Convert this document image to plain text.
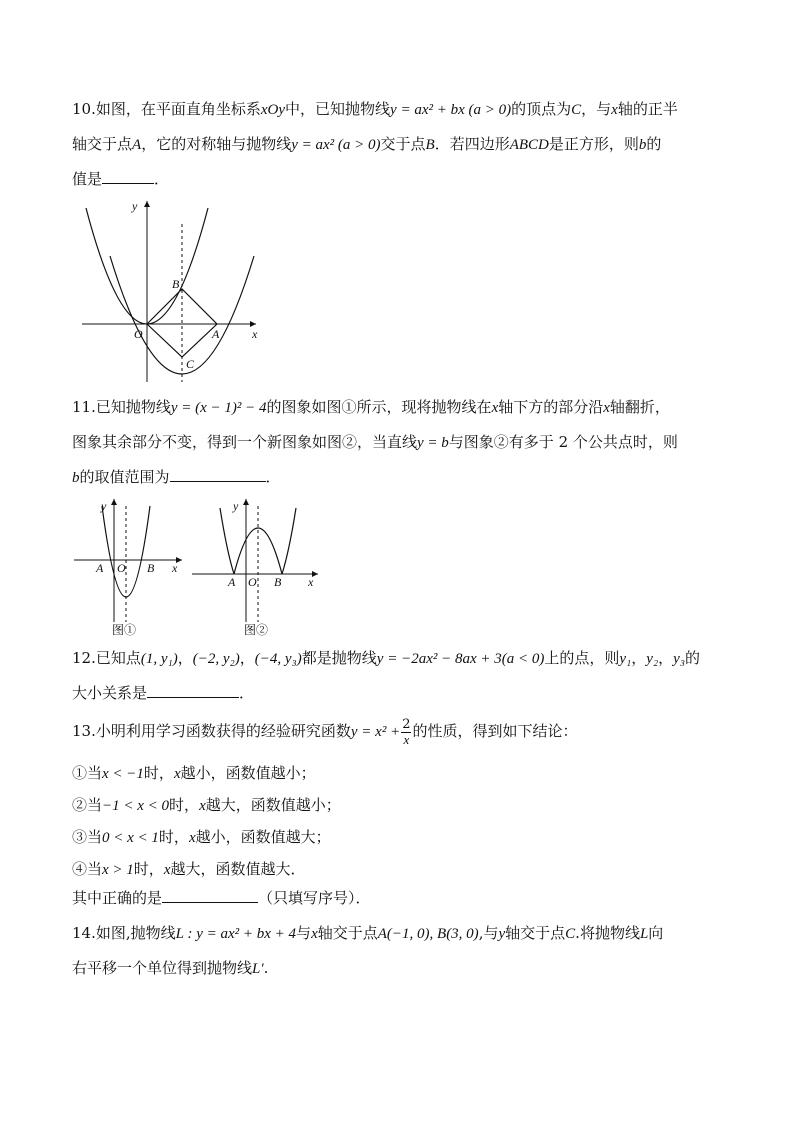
10.如图，在平面直角坐标系xOy中，已知抛物线y = ax² + bx (a > 0)的顶点为C，与x轴的正半
轴交于点A，它的对称轴与抛物线y = ax² (a > 0)交于点B．若四边形ABCD是正方形，则b的
值是	．
B
O	A
C
y
x
11.已知抛物线y = (x − 1)² − 4的图象如图①所示，现将抛物线在x轴下方的部分沿x轴翻折，
图象其余部分不变，得到一个新图象如图②，当直线y = b与图象②有多于 2 个公共点时，则
b的取值范围为	．
A O B
y
x
图①
A O B
y
x
图②
12.已知点(1, y₁)，(−2, y₂)，(−4, y₃)都是抛物线y = −2ax² − 8ax + 3(a < 0)上的点，则y₁，y₂，y₃的
大小关系是	．
13.小明利用学习函数获得的经验研究函数$y = x^2 + \frac{2}{x}$ 的性质，得到如下结论：
①当x < −1时，x越小，函数值越小；
②当−1 < x < 0时，x越大，函数值越小；
③当0 < x < 1时，x越小，函数值越大；
④当x > 1时，x越大，函数值越大．
其中正确的是	（只填写序号）．
14.如图,抛物线L : y = ax² + bx + 4与x轴交于点A(−1, 0), B(3, 0),与y轴交于点C.将抛物线L向
右平移一个单位得到抛物线L′.
